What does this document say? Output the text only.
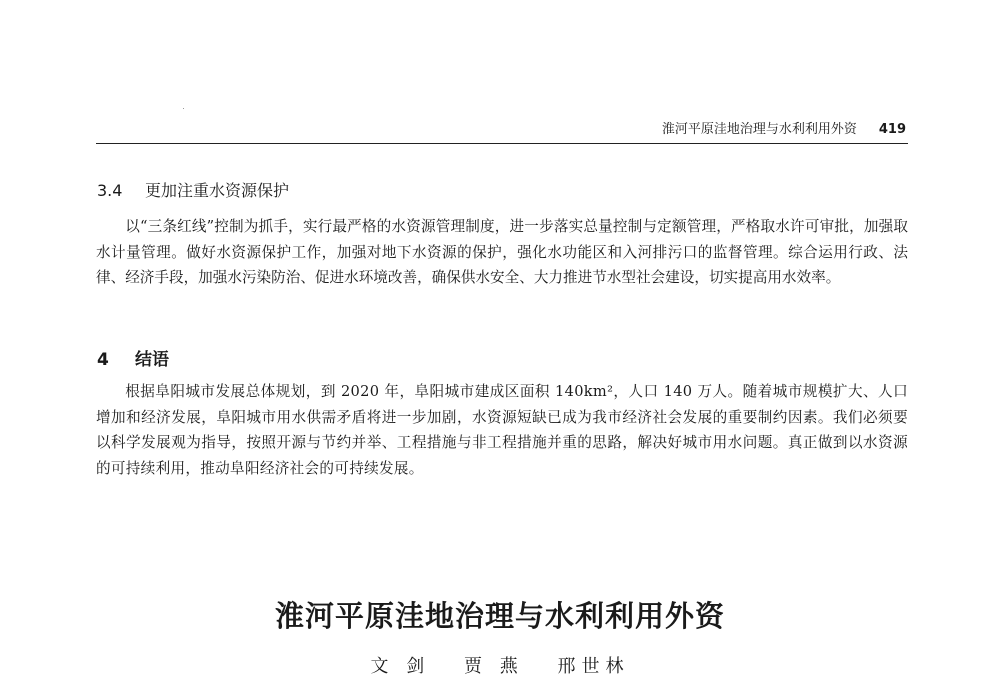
淮河平原洼地治理与水利利用外资 419
3.4 更加注重水资源保护

以“三条红线”控制为抓手，实行最严格的水资源管理制度，进一步落实总量控制与定额管理，严格取水许可审批，加强取水计量管理。做好水资源保护工作，加强对地下水资源的保护，强化水功能区和入河排污口的监督管理。综合运用行政、法律、经济手段，加强水污染防治、促进水环境改善，确保供水安全、大力推进节水型社会建设，切实提高用水效率。

4 结语

根据阜阳城市发展总体规划，到 2020 年，阜阳城市建成区面积 140km²，人口 140 万人。随着城市规模扩大、人口增加和经济发展，阜阳城市用水供需矛盾将进一步加剧，水资源短缺已成为我市经济社会发展的重要制约因素。我们必须要以科学发展观为指导，按照开源与节约并举、工程措施与非工程措施并重的思路，解决好城市用水问题。真正做到以水资源的可持续利用，推动阜阳经济社会的可持续发展。

淮河平原洼地治理与水利利用外资
文 剑 贾 燕 邢世林
